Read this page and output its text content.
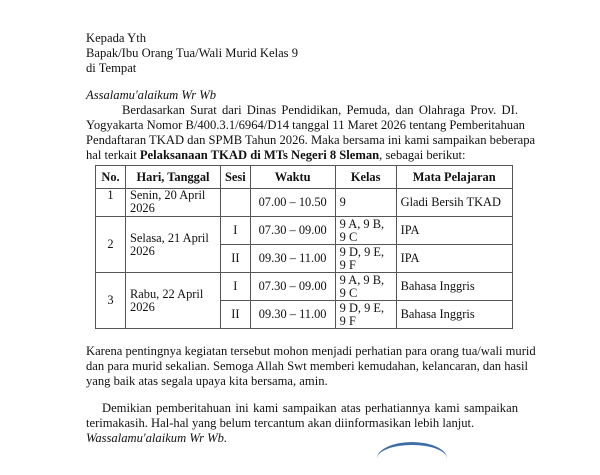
Kepada Yth
Bapak/Ibu Orang Tua/Wali Murid Kelas 9
di Tempat
Assalamu'alaikum Wr Wb
Berdasarkan Surat dari Dinas Pendidikan, Pemuda, dan Olahraga Prov. DI.
Yogyakarta Nomor B/400.3.1/6964/D14 tanggal 11 Maret 2026 tentang Pemberitahuan
Pendaftaran TKAD dan SPMB Tahun 2026. Maka bersama ini kami sampaikan beberapa
hal terkait Pelaksanaan TKAD di MTs Negeri 8 Sleman, sebagai berikut:
No.	Hari, Tanggal	Sesi	Waktu	Kelas	Mata Pelajaran
1	Senin, 20 April 2026		07.00 – 10.50	9	Gladi Bersih TKAD
2	Selasa, 21 April 2026	I	07.30 – 09.00	9 A, 9 B, 9 C	IPA
		II	09.30 – 11.00	9 D, 9 E, 9 F	IPA
3	Rabu, 22 April 2026	I	07.30 – 09.00	9 A, 9 B, 9 C	Bahasa Inggris
		II	09.30 – 11.00	9 D, 9 E, 9 F	Bahasa Inggris
Karena pentingnya kegiatan tersebut mohon menjadi perhatian para orang tua/wali murid
dan para murid sekalian. Semoga Allah Swt memberi kemudahan, kelancaran, dan hasil
yang baik atas segala upaya kita bersama, amin.
Demikian pemberitahuan ini kami sampaikan atas perhatiannya kami sampaikan
terimakasih. Hal-hal yang belum tercantum akan diinformasikan lebih lanjut.
Wassalamu'alaikum Wr Wb.
